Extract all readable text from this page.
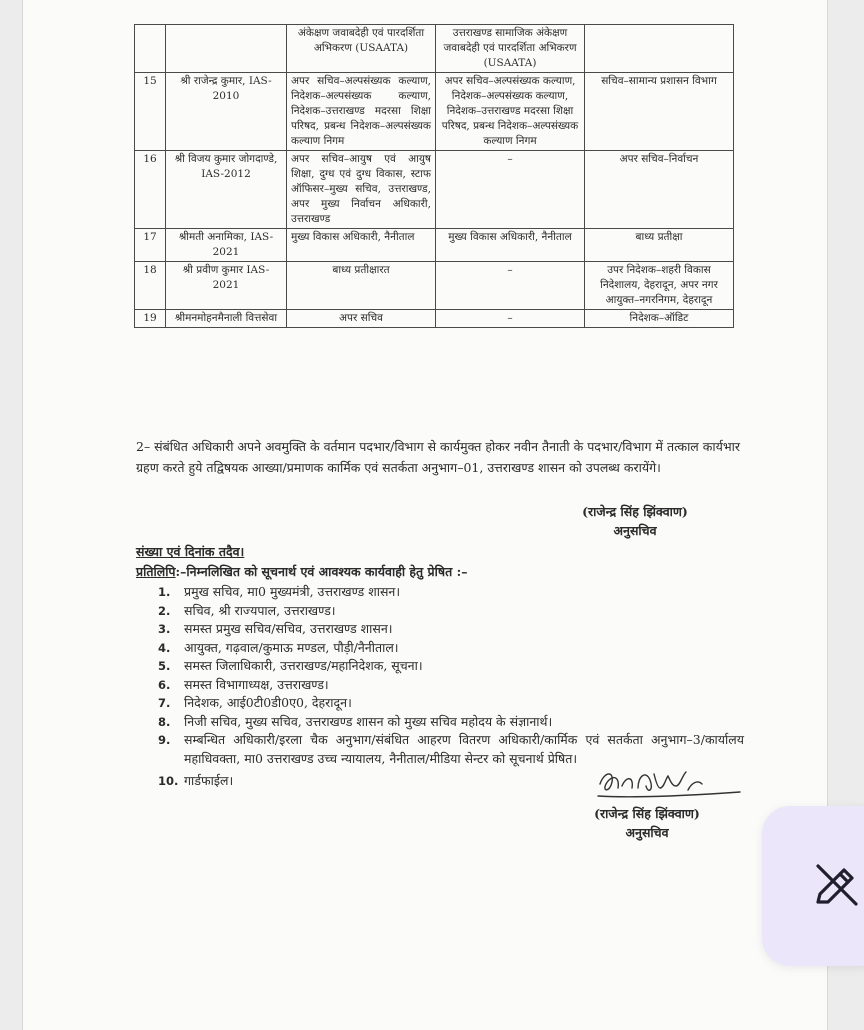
		अंकेक्षण जवाबदेही एवं पारदर्शिता अभिकरण (USAATA)	उत्तराखण्ड सामाजिक अंकेक्षण जवाबदेही एवं पारदर्शिता अभिकरण (USAATA)	
15	श्री राजेन्द्र कुमार, IAS-2010	अपर सचिव–अल्पसंख्यक कल्याण, निदेशक–अल्पसंख्यक कल्याण, निदेशक–उत्तराखण्ड मदरसा शिक्षा परिषद, प्रबन्ध निदेशक–अल्पसंख्यक कल्याण निगम	अपर सचिव–अल्पसंख्यक कल्याण, निदेशक–अल्पसंख्यक कल्याण, निदेशक–उत्तराखण्ड मदरसा शिक्षा परिषद, प्रबन्ध निदेशक–अल्पसंख्यक कल्याण निगम	सचिव–सामान्य प्रशासन विभाग
16	श्री विजय कुमार जोगदाण्डे, IAS-2012	अपर सचिव–आयुष एवं आयुष शिक्षा, दुग्ध एवं दुग्ध विकास, स्टाफ ऑफिसर–मुख्य सचिव, उत्तराखण्ड, अपर मुख्य निर्वाचन अधिकारी, उत्तराखण्ड	–	अपर सचिव–निर्वाचन
17	श्रीमती अनामिका, IAS-2021	मुख्य विकास अधिकारी, नैनीताल	मुख्य विकास अधिकारी, नैनीताल	बाध्य प्रतीक्षा
18	श्री प्रवीण कुमार IAS-2021	बाध्य प्रतीक्षारत	–	उपर निदेशक–शहरी विकास निदेशालय, देहरादून, अपर नगर आयुक्त–नगरनिगम, देहरादून
19	श्रीमनमोहनमैनाली वित्तसेवा	अपर सचिव	–	निदेशक–ऑडिट
2– संबंधित अधिकारी अपने अवमुक्ति के वर्तमान पदभार/विभाग से कार्यमुक्त होकर नवीन तैनाती के पदभार/विभाग में तत्काल कार्यभार ग्रहण करते हुये तद्विषयक आख्या/प्रमाणक कार्मिक एवं सतर्कता अनुभाग–01, उत्तराखण्ड शासन को उपलब्ध करायेंगे।
(राजेन्द्र सिंह झिंक्वाण)
अनुसचिव
संख्या एवं दिनांक तदैव।
प्रतिलिपि:–निम्नलिखित को सूचनार्थ एवं आवश्यक कार्यवाही हेतु प्रेषित :–
1.	प्रमुख सचिव, मा0 मुख्यमंत्री, उत्तराखण्ड शासन।
2.	सचिव, श्री राज्यपाल, उत्तराखण्ड।
3.	समस्त प्रमुख सचिव/सचिव, उत्तराखण्ड शासन।
4.	आयुक्त, गढ़वाल/कुमाऊ मण्डल, पौड़ी/नैनीताल।
5.	समस्त जिलाधिकारी, उत्तराखण्ड/महानिदेशक, सूचना।
6.	समस्त विभागाध्यक्ष, उत्तराखण्ड।
7.	निदेशक, आई0टी0डी0ए0, देहरादून।
8.	निजी सचिव, मुख्य सचिव, उत्तराखण्ड शासन को मुख्य सचिव महोदय के संज्ञानार्थ।
9.	सम्बन्धित अधिकारी/इरला चैक अनुभाग/संबंधित आहरण वितरण अधिकारी/कार्मिक एवं सतर्कता अनुभाग–3/कार्यालय महाधिवक्ता, मा0 उत्तराखण्ड उच्च न्यायालय, नैनीताल/मीडिया सेन्टर को सूचनार्थ प्रेषित।
10. गार्डफाईल।
(राजेन्द्र सिंह झिंक्वाण)
अनुसचिव
